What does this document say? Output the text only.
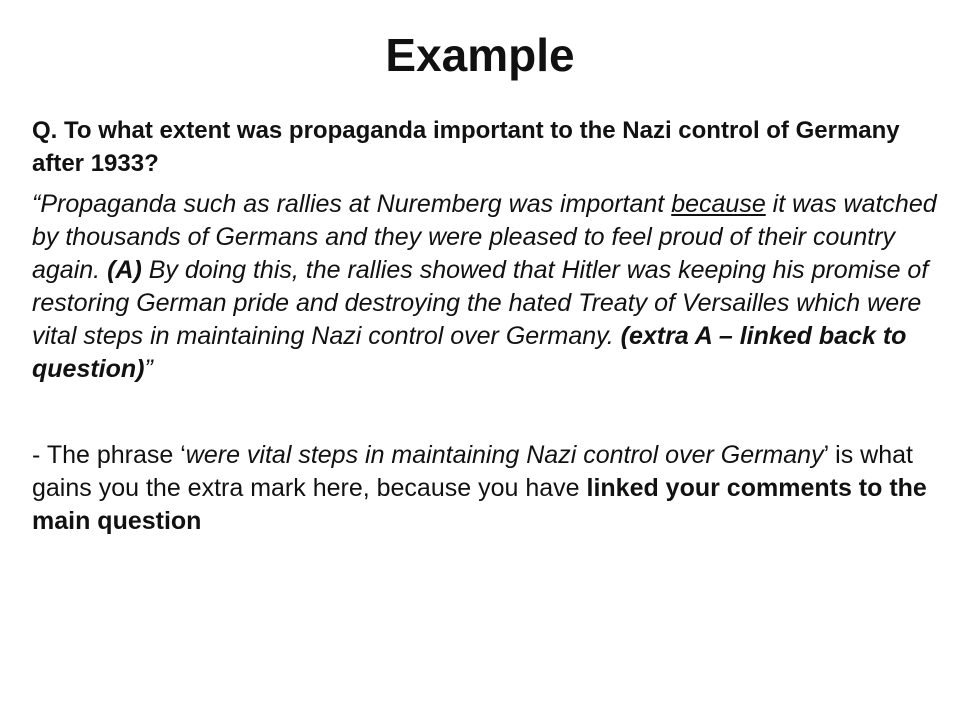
Example

Q. To what extent was propaganda important to the Nazi control of Germany after 1933?

“Propaganda such as rallies at Nuremberg was important because it was watched by thousands of Germans and they were pleased to feel proud of their country again. (A) By doing this, the rallies showed that Hitler was keeping his promise of restoring German pride and destroying the hated Treaty of Versailles which were vital steps in maintaining Nazi control over Germany. (extra A – linked back to question)”

- The phrase ‘were vital steps in maintaining Nazi control over Germany’ is what gains you the extra mark here, because you have linked your comments to the main question
